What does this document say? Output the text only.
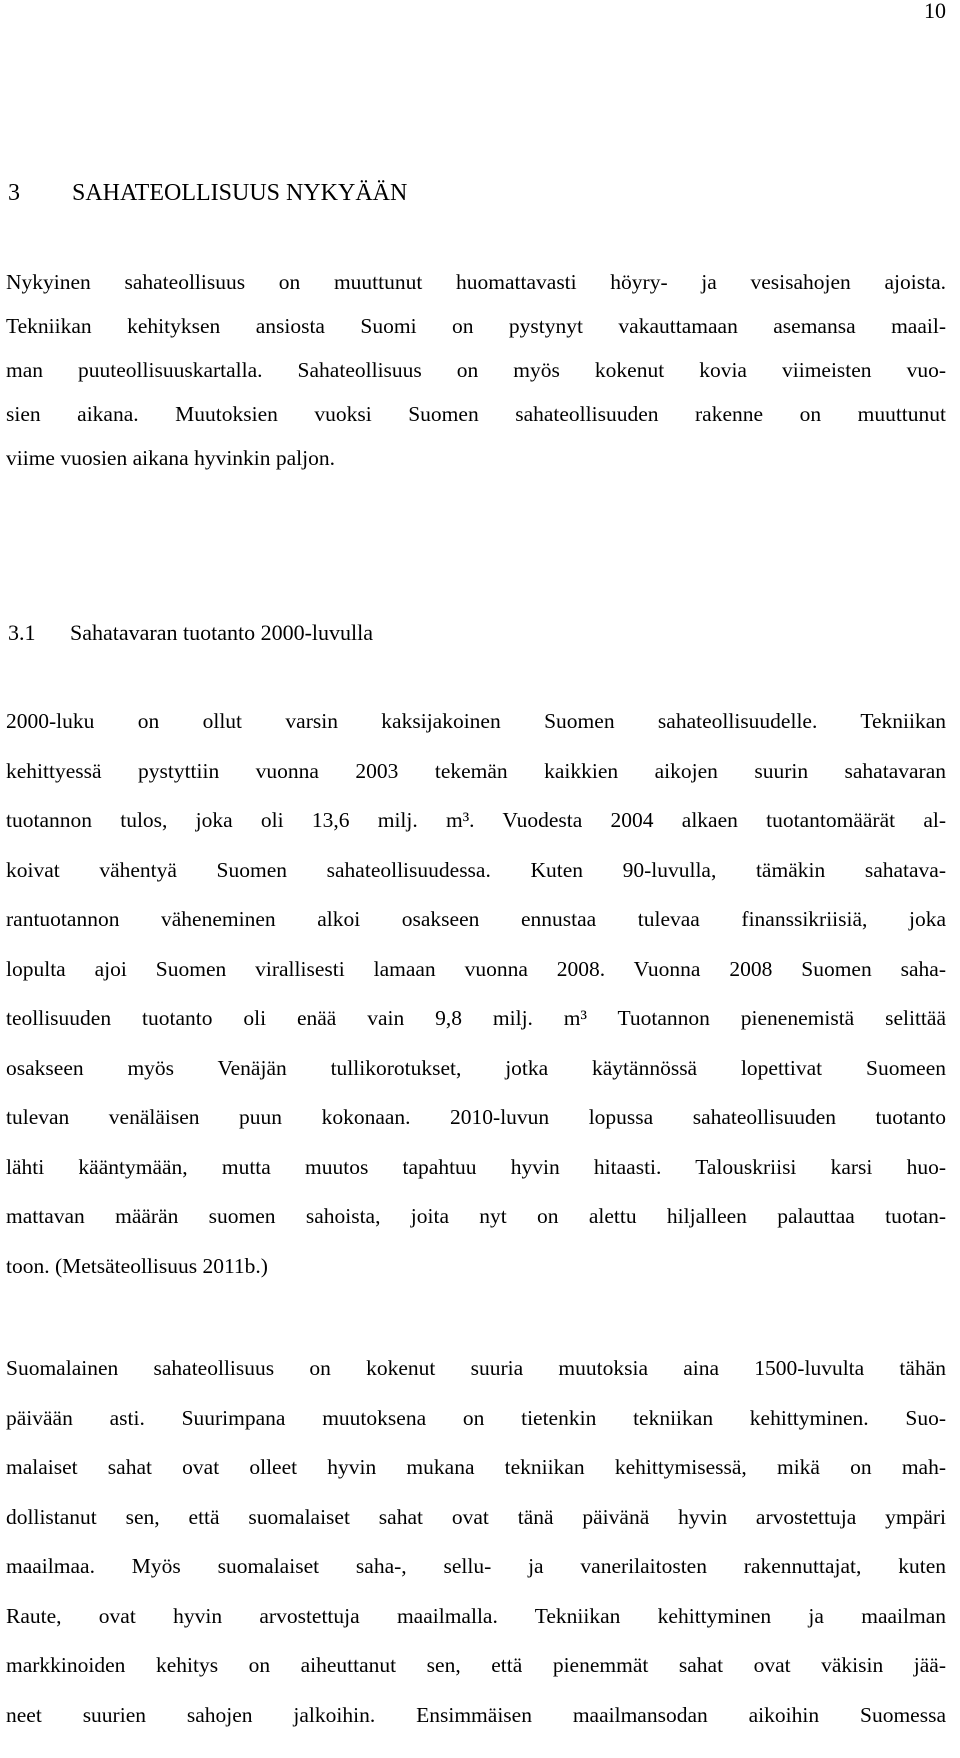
10
3 SAHATEOLLISUUS NYKYÄÄN
Nykyinen sahateollisuus on muuttunut huomattavasti höyry- ja vesisahojen ajoista.
Tekniikan kehityksen ansiosta Suomi on pystynyt vakauttamaan asemansa maail-
man puuteollisuuskartalla. Sahateollisuus on myös kokenut kovia viimeisten vuo-
sien aikana. Muutoksien vuoksi Suomen sahateollisuuden rakenne on muuttunut
viime vuosien aikana hyvinkin paljon.
3.1 Sahatavaran tuotanto 2000-luvulla
2000-luku on ollut varsin kaksijakoinen Suomen sahateollisuudelle. Tekniikan
kehittyessä pystyttiin vuonna 2003 tekemän kaikkien aikojen suurin sahatavaran
tuotannon tulos, joka oli 13,6 milj. m³. Vuodesta 2004 alkaen tuotantomäärät al-
koivat vähentyä Suomen sahateollisuudessa. Kuten 90-luvulla, tämäkin sahatava-
rantuotannon väheneminen alkoi osakseen ennustaa tulevaa finanssikriisiä, joka
lopulta ajoi Suomen virallisesti lamaan vuonna 2008. Vuonna 2008 Suomen saha-
teollisuuden tuotanto oli enää vain 9,8 milj. m³ Tuotannon pienenemistä selittää
osakseen myös Venäjän tullikorotukset, jotka käytännössä lopettivat Suomeen
tulevan venäläisen puun kokonaan. 2010-luvun lopussa sahateollisuuden tuotanto
lähti kääntymään, mutta muutos tapahtuu hyvin hitaasti. Talouskriisi karsi huo-
mattavan määrän suomen sahoista, joita nyt on alettu hiljalleen palauttaa tuotan-
toon. (Metsäteollisuus 2011b.)
Suomalainen sahateollisuus on kokenut suuria muutoksia aina 1500-luvulta tähän
päivään asti. Suurimpana muutoksena on tietenkin tekniikan kehittyminen. Suo-
malaiset sahat ovat olleet hyvin mukana tekniikan kehittymisessä, mikä on mah-
dollistanut sen, että suomalaiset sahat ovat tänä päivänä hyvin arvostettuja ympäri
maailmaa. Myös suomalaiset saha-, sellu- ja vanerilaitosten rakennuttajat, kuten
Raute, ovat hyvin arvostettuja maailmalla. Tekniikan kehittyminen ja maailman
markkinoiden kehitys on aiheuttanut sen, että pienemmät sahat ovat väkisin jää-
neet suurien sahojen jalkoihin. Ensimmäisen maailmansodan aikoihin Suomessa
